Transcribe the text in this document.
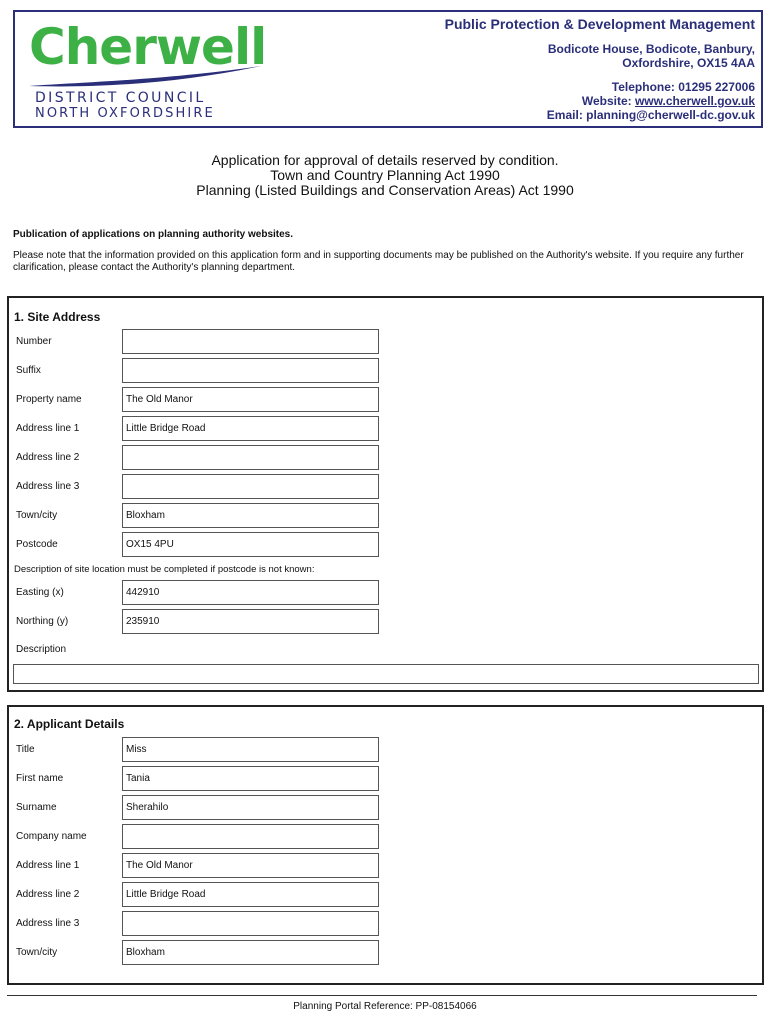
Cherwell
DISTRICT COUNCIL
NORTH OXFORDSHIRE
Public Protection & Development Management
Bodicote House, Bodicote, Banbury,
Oxfordshire, OX15 4AA
Telephone: 01295 227006
Website: www.cherwell.gov.uk
Email: planning@cherwell-dc.gov.uk
Application for approval of details reserved by condition.
Town and Country Planning Act 1990
Planning (Listed Buildings and Conservation Areas) Act 1990
Publication of applications on planning authority websites.
Please note that the information provided on this application form and in supporting documents may be published on the Authority's website. If you require any further clarification, please contact the Authority's planning department.
1. Site Address
Number
Suffix
Property name	The Old Manor
Address line 1	Little Bridge Road
Address line 2
Address line 3
Town/city	Bloxham
Postcode	OX15 4PU
Description of site location must be completed if postcode is not known:
Easting (x)	442910
Northing (y)	235910
Description
2. Applicant Details
Title	Miss
First name	Tania
Surname	Sherahilo
Company name
Address line 1	The Old Manor
Address line 2	Little Bridge Road
Address line 3
Town/city	Bloxham
Planning Portal Reference: PP-08154066
